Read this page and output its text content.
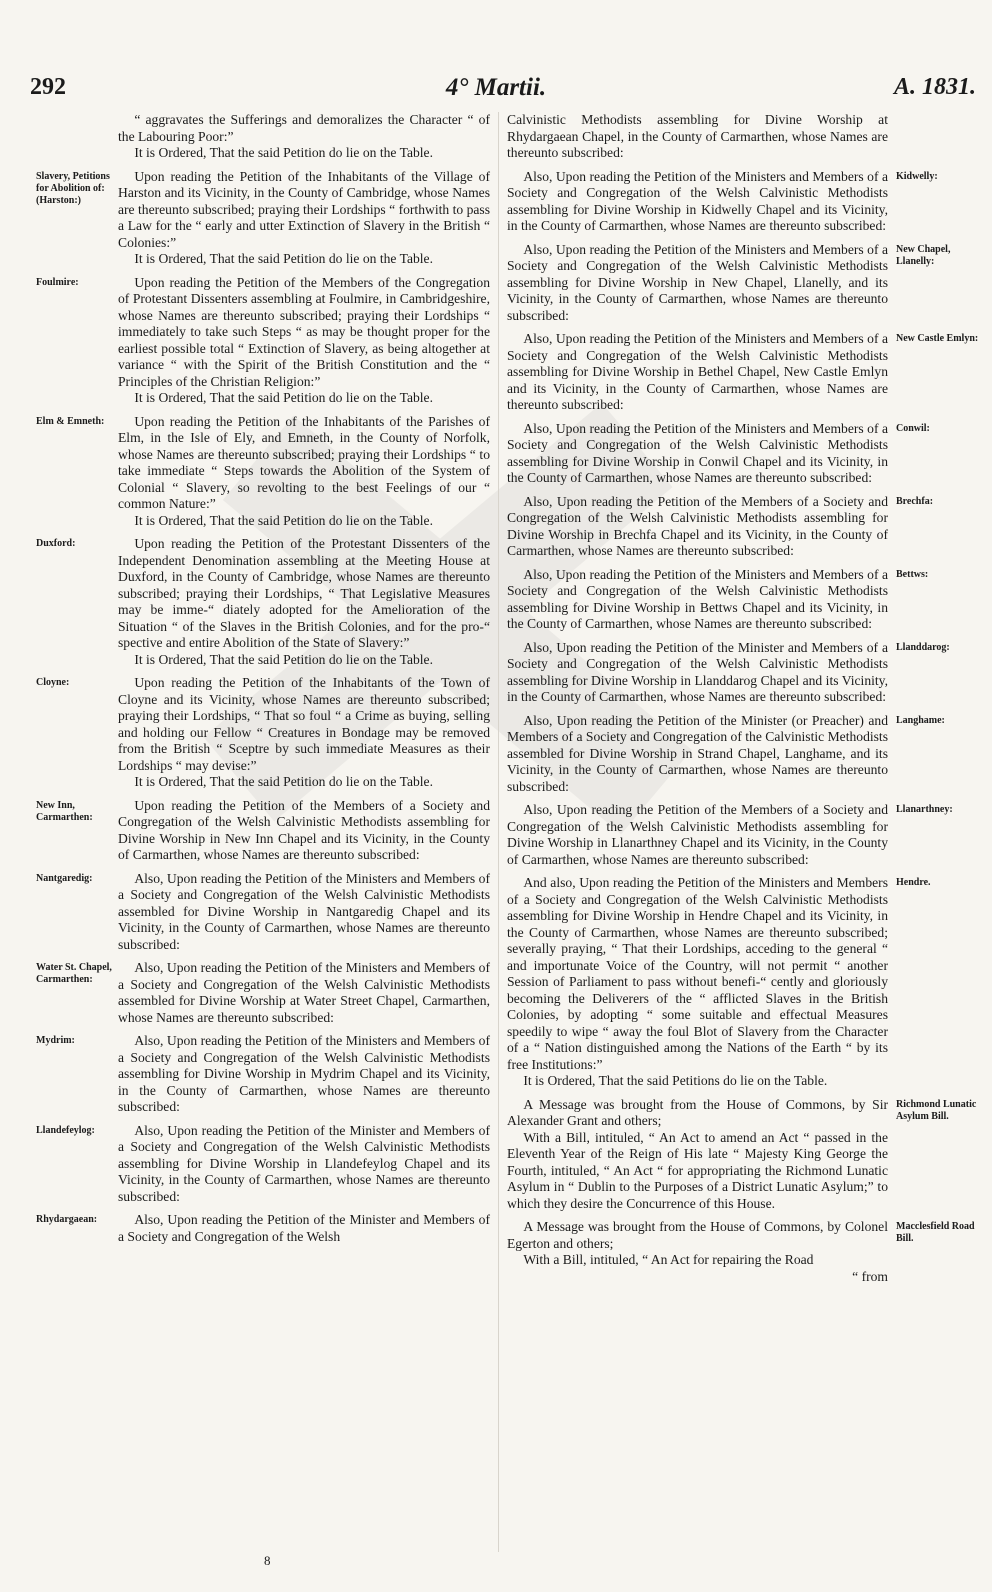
292	4° Martii.	A. 1831.

“ aggravates the Sufferings and demoralizes the Character “ of the Labouring Poor:”

It is Ordered, That the said Petition do lie on the Table.

Upon reading the Petition of the Inhabitants of the Village of Harston and its Vicinity, in the County of Cambridge, whose Names are thereunto subscribed; praying their Lordships “ forthwith to pass a Law for the “ early and utter Extinction of Slavery in the British “ Colonies:”

It is Ordered, That the said Petition do lie on the Table.

Upon reading the Petition of the Members of the Congregation of Protestant Dissenters assembling at Foulmire, in Cambridgeshire, whose Names are thereunto subscribed; praying their Lordships “ immediately to take such Steps “ as may be thought proper for the earliest possible total “ Extinction of Slavery, as being altogether at variance “ with the Spirit of the British Constitution and the “ Principles of the Christian Religion:”

It is Ordered, That the said Petition do lie on the Table.

Upon reading the Petition of the Inhabitants of the Parishes of Elm, in the Isle of Ely, and Emneth, in the County of Norfolk, whose Names are thereunto subscribed; praying their Lordships “ to take immediate “ Steps towards the Abolition of the System of Colonial “ Slavery, so revolting to the best Feelings of our “ common Nature:”

It is Ordered, That the said Petition do lie on the Table.

Upon reading the Petition of the Protestant Dissenters of the Independent Denomination assembling at the Meeting House at Duxford, in the County of Cambridge, whose Names are thereunto subscribed; praying their Lordships, “ That Legislative Measures may be imme-“ diately adopted for the Amelioration of the Situation “ of the Slaves in the British Colonies, and for the pro-“ spective and entire Abolition of the State of Slavery:”

It is Ordered, That the said Petition do lie on the Table.

Upon reading the Petition of the Inhabitants of the Town of Cloyne and its Vicinity, whose Names are thereunto subscribed; praying their Lordships, “ That so foul “ a Crime as buying, selling and holding our Fellow “ Creatures in Bondage may be removed from the British “ Sceptre by such immediate Measures as their Lordships “ may devise:”

It is Ordered, That the said Petition do lie on the Table.

Upon reading the Petition of the Members of a Society and Congregation of the Welsh Calvinistic Methodists assembling for Divine Worship in New Inn Chapel and its Vicinity, in the County of Carmarthen, whose Names are thereunto subscribed:

Also, Upon reading the Petition of the Ministers and Members of a Society and Congregation of the Welsh Calvinistic Methodists assembled for Divine Worship in Nantgaredig Chapel and its Vicinity, in the County of Carmarthen, whose Names are thereunto subscribed:

Also, Upon reading the Petition of the Ministers and Members of a Society and Congregation of the Welsh Calvinistic Methodists assembled for Divine Worship at Water Street Chapel, Carmarthen, whose Names are thereunto subscribed:

Also, Upon reading the Petition of the Ministers and Members of a Society and Congregation of the Welsh Calvinistic Methodists assembling for Divine Worship in Mydrim Chapel and its Vicinity, in the County of Carmarthen, whose Names are thereunto subscribed:

Also, Upon reading the Petition of the Minister and Members of a Society and Congregation of the Welsh Calvinistic Methodists assembling for Divine Worship in Llandefeylog Chapel and its Vicinity, in the County of Carmarthen, whose Names are thereunto subscribed:

Also, Upon reading the Petition of the Minister and Members of a Society and Congregation of the Welsh

Calvinistic Methodists assembling for Divine Worship at Rhydargaean Chapel, in the County of Carmarthen, whose Names are thereunto subscribed:

Also, Upon reading the Petition of the Ministers and Members of a Society and Congregation of the Welsh Calvinistic Methodists assembling for Divine Worship in Kidwelly Chapel and its Vicinity, in the County of Carmarthen, whose Names are thereunto subscribed:

Also, Upon reading the Petition of the Ministers and Members of a Society and Congregation of the Welsh Calvinistic Methodists assembling for Divine Worship in New Chapel, Llanelly, and its Vicinity, in the County of Carmarthen, whose Names are thereunto subscribed:

Also, Upon reading the Petition of the Ministers and Members of a Society and Congregation of the Welsh Calvinistic Methodists assembling for Divine Worship in Bethel Chapel, New Castle Emlyn and its Vicinity, in the County of Carmarthen, whose Names are thereunto subscribed:

Also, Upon reading the Petition of the Ministers and Members of a Society and Congregation of the Welsh Calvinistic Methodists assembling for Divine Worship in Conwil Chapel and its Vicinity, in the County of Carmarthen, whose Names are thereunto subscribed:

Also, Upon reading the Petition of the Members of a Society and Congregation of the Welsh Calvinistic Methodists assembling for Divine Worship in Brechfa Chapel and its Vicinity, in the County of Carmarthen, whose Names are thereunto subscribed:

Also, Upon reading the Petition of the Ministers and Members of a Society and Congregation of the Welsh Calvinistic Methodists assembling for Divine Worship in Bettws Chapel and its Vicinity, in the County of Carmarthen, whose Names are thereunto subscribed:

Also, Upon reading the Petition of the Minister and Members of a Society and Congregation of the Welsh Calvinistic Methodists assembling for Divine Worship in Llanddarog Chapel and its Vicinity, in the County of Carmarthen, whose Names are thereunto subscribed:

Also, Upon reading the Petition of the Minister (or Preacher) and Members of a Society and Congregation of the Calvinistic Methodists assembled for Divine Worship in Strand Chapel, Langhame, and its Vicinity, in the County of Carmarthen, whose Names are thereunto subscribed:

Also, Upon reading the Petition of the Members of a Society and Congregation of the Welsh Calvinistic Methodists assembling for Divine Worship in Llanarthney Chapel and its Vicinity, in the County of Carmarthen, whose Names are thereunto subscribed:

And also, Upon reading the Petition of the Ministers and Members of a Society and Congregation of the Welsh Calvinistic Methodists assembling for Divine Worship in Hendre Chapel and its Vicinity, in the County of Carmarthen, whose Names are thereunto subscribed; severally praying, “ That their Lordships, acceding to the general “ and importunate Voice of the Country, will not permit “ another Session of Parliament to pass without benefi-“ cently and gloriously becoming the Deliverers of the “ afflicted Slaves in the British Colonies, by adopting “ some suitable and effectual Measures speedily to wipe “ away the foul Blot of Slavery from the Character of a “ Nation distinguished among the Nations of the Earth “ by its free Institutions:”

It is Ordered, That the said Petitions do lie on the Table.

A Message was brought from the House of Commons, by Sir Alexander Grant and others;

With a Bill, intituled, “ An Act to amend an Act “ passed in the Eleventh Year of the Reign of His late “ Majesty King George the Fourth, intituled, “ An Act “ for appropriating the Richmond Lunatic Asylum in “ Dublin to the Purposes of a District Lunatic Asylum;” to which they desire the Concurrence of this House.

A Message was brought from the House of Commons, by Colonel Egerton and others;

With a Bill, intituled, “ An Act for repairing the Road

“ from

Slavery, Petitions for Abolition of: (Harston:)
Foulmire:
Elm & Emneth:
Duxford:
Cloyne:
New Inn, Carmarthen:
Nantgaredig:
Water St. Chapel, Carmarthen:
Mydrim:
Llandefeylog:
Rhydargaean:
Kidwelly:
New Chapel, Llanelly:
New Castle Emlyn:
Conwil:
Brechfa:
Bettws:
Llanddarog:
Langhame:
Llanarthney:
Hendre.
Richmond Lunatic Asylum Bill.
Macclesfield Road Bill.
8
